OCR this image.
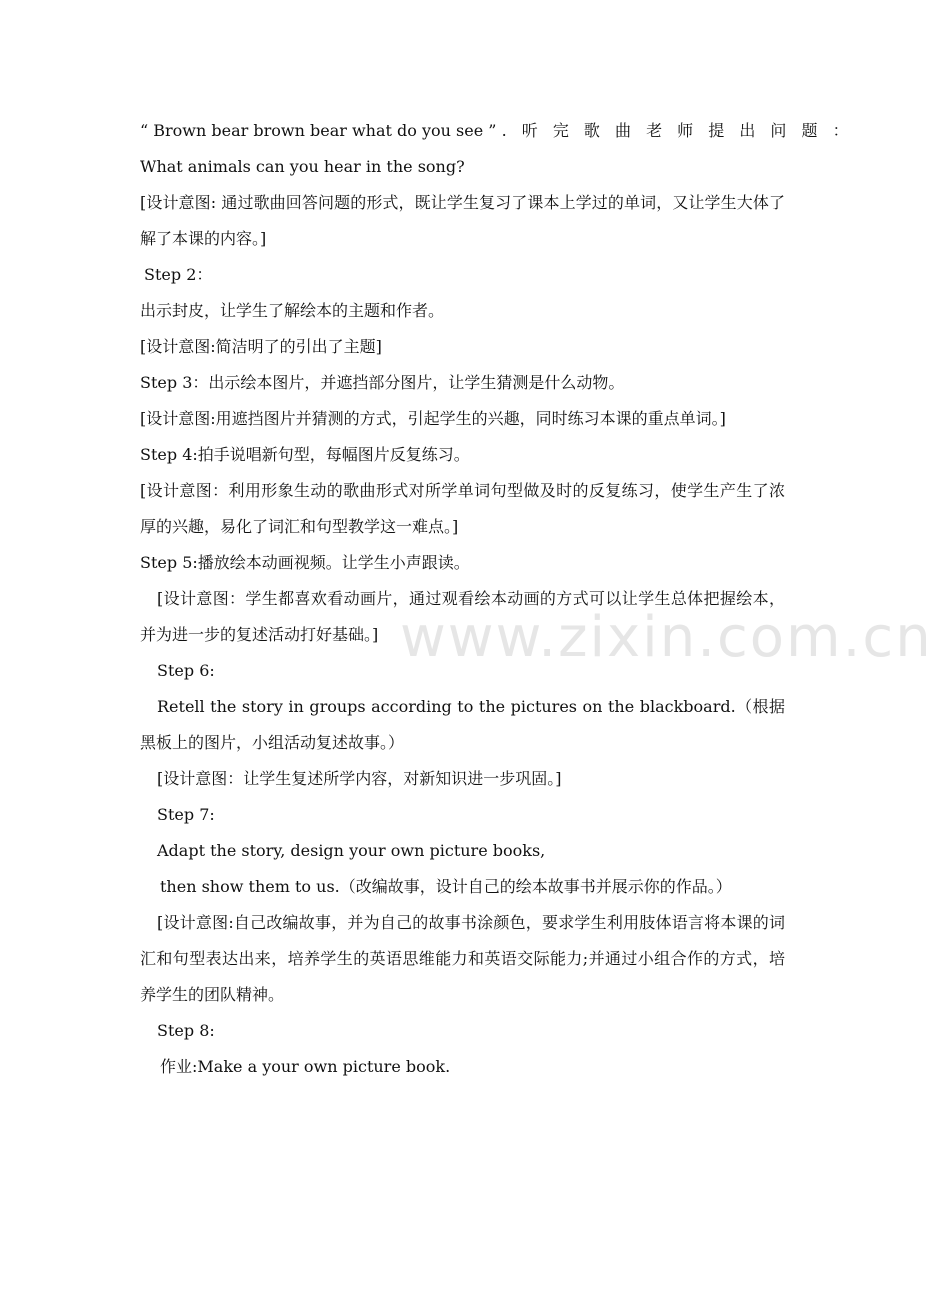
www.zixin.com.cn
“ Brown bear brown bear what do you see ” . 听 完 歌 曲 老 师 提 出 问 题 ：
What animals can you hear in the song?
[设计意图: 通过歌曲回答问题的形式，既让学生复习了课本上学过的单词，又让学生大体了解了本课的内容。]
Step 2：
出示封皮，让学生了解绘本的主题和作者。
[设计意图:简洁明了的引出了主题]
Step 3：出示绘本图片，并遮挡部分图片，让学生猜测是什么动物。
[设计意图:用遮挡图片并猜测的方式，引起学生的兴趣，同时练习本课的重点单词。]
Step 4:拍手说唱新句型，每幅图片反复练习。
[设计意图：利用形象生动的歌曲形式对所学单词句型做及时的反复练习，使学生产生了浓厚的兴趣，易化了词汇和句型教学这一难点。]
Step 5:播放绘本动画视频。让学生小声跟读。
[设计意图：学生都喜欢看动画片，通过观看绘本动画的方式可以让学生总体把握绘本，并为进一步的复述活动打好基础。]
Step 6:
Retell the story in groups according to the pictures on the blackboard.（根据黑板上的图片，小组活动复述故事。）
[设计意图：让学生复述所学内容，对新知识进一步巩固。]
Step 7:
Adapt the story, design your own picture books,
then show them to us.（改编故事，设计自己的绘本故事书并展示你的作品。）
[设计意图:自己改编故事，并为自己的故事书涂颜色，要求学生利用肢体语言将本课的词汇和句型表达出来，培养学生的英语思维能力和英语交际能力;并通过小组合作的方式，培养学生的团队精神。
Step 8:
作业:Make a your own picture book.
